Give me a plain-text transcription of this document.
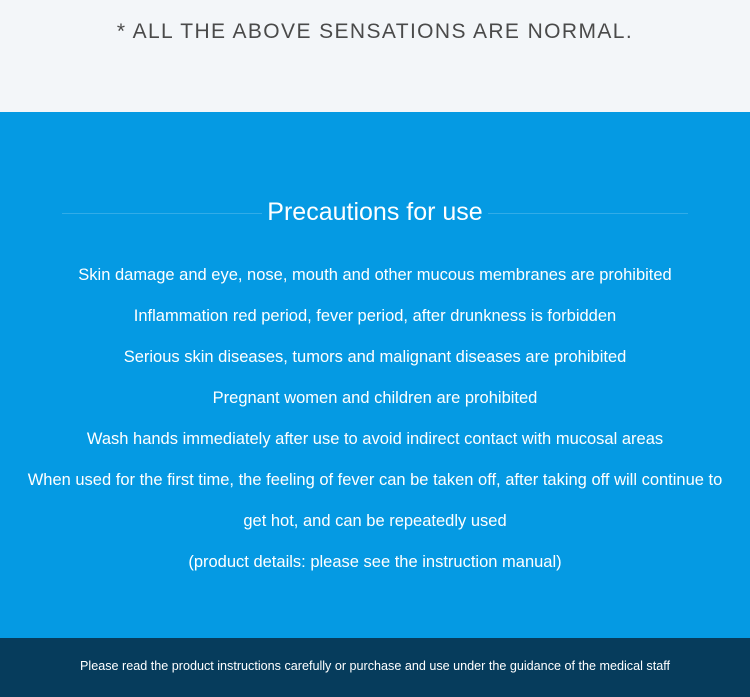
* ALL THE ABOVE SENSATIONS ARE NORMAL.
Precautions for use
Skin damage and eye, nose, mouth and other mucous membranes are prohibited
Inflammation red period, fever period, after drunkness is forbidden
Serious skin diseases, tumors and malignant diseases are prohibited
Pregnant women and children are prohibited
Wash hands immediately after use to avoid indirect contact with mucosal areas
When used for the first time, the feeling of fever can be taken off, after taking off will continue to get hot, and can be repeatedly used
(product details: please see the instruction manual)
Please read the product instructions carefully or purchase and use under the guidance of the medical staff
